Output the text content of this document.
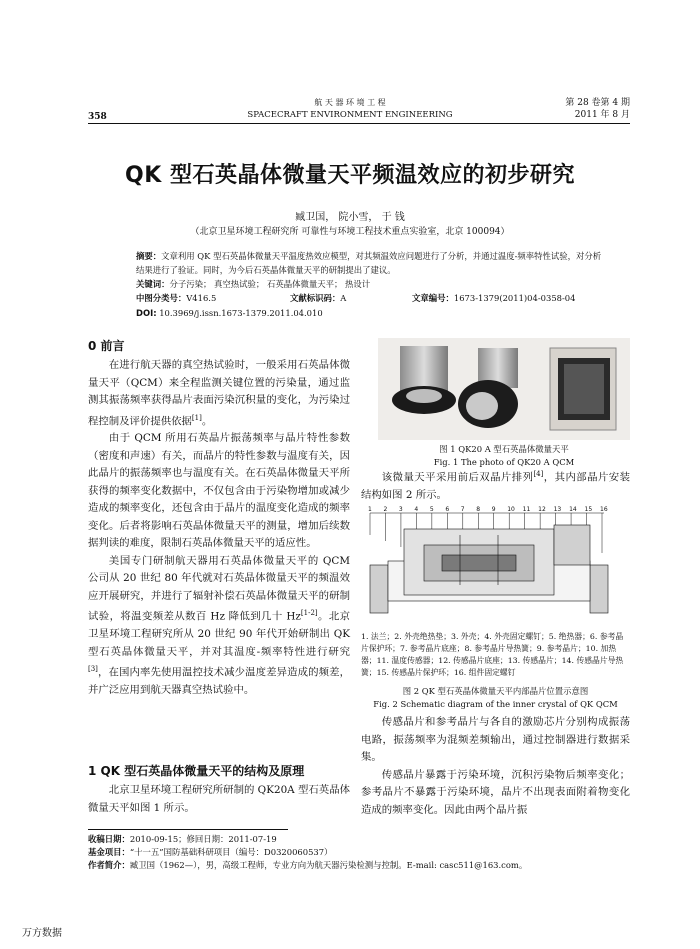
航 天 器 环 境 工 程
SPACECRAFT ENVIRONMENT ENGINEERING
358
第 28 卷第 4 期
2011 年 8 月
QK 型石英晶体微量天平频温效应的初步研究
臧卫国， 院小雪， 于 钱
（北京卫星环境工程研究所 可靠性与环境工程技术重点实验室，北京 100094）
摘要：文章利用 QK 型石英晶体微量天平温度热效应模型，对其频温效应问题进行了分析，并通过温度-频率特性试验，对分析结果进行了验证。同时，为今后石英晶体微量天平的研制提出了建议。
关键词：分子污染； 真空热试验； 石英晶体微量天平； 热设计
中图分类号：V416.5	文献标识码：A	文章编号：1673-1379(2011)04-0358-04
DOI: 10.3969/j.issn.1673-1379.2011.04.010
0 前言

在进行航天器的真空热试验时，一般采用石英晶体微量天平（QCM）来全程监测关键位置的污染量，通过监测其振荡频率获得晶片表面污染沉积量的变化，为污染过程控制及评价提供依据[1]。

由于 QCM 所用石英晶片振荡频率与晶片特性参数（密度和声速）有关，而晶片的特性参数与温度有关，因此晶片的振荡频率也与温度有关。在石英晶体微量天平所获得的频率变化数据中，不仅包含由于污染物增加或减少造成的频率变化，还包含由于晶片的温度变化造成的频率变化。后者将影响石英晶体微量天平的测量，增加后续数据判读的难度，限制石英晶体微量天平的适应性。

美国专门研制航天器用石英晶体微量天平的 QCM 公司从 20 世纪 80 年代就对石英晶体微量天平的频温效应开展研究，并进行了辐射补偿石英晶体微量天平的研制试验，将温变频差从数百 Hz 降低到几十 Hz[1-2]。北京卫星环境工程研究所从 20 世纪 90 年代开始研制出 QK 型石英晶体微量天平，并对其温度-频率特性进行研究[3]，在国内率先使用温控技术减少温度差异造成的频差，并广泛应用到航天器真空热试验中。

1 QK 型石英晶体微量天平的结构及原理

北京卫星环境工程研究所研制的 QK20A 型石英晶体微量天平如图 1 所示。

图 1 QK20 A 型石英晶体微量天平
Fig. 1 The photo of QK20 A QCM

该微量天平采用前后双晶片排列[4]，其内部晶片安装结构如图 2 所示。

1 2 3 4 5 6 7 8 9 10 11 12 13 14 15 16
1. 法兰；2. 外壳绝热垫；3. 外壳；4. 外壳固定螺钉；5. 绝热器；6. 参考晶片保护环；7. 参考晶片底座；8. 参考晶片导热簧；9. 参考晶片；10. 加热器；11. 温度传感器；12. 传感晶片底座；13. 传感晶片；14. 传感晶片导热簧；15. 传感晶片保护环；16. 组件固定螺钉
图 2 QK 型石英晶体微量天平内部晶片位置示意图
Fig. 2 Schematic diagram of the inner crystal of QK QCM

传感晶片和参考晶片与各自的激励芯片分别构成振荡电路，振荡频率为混频差频输出，通过控制器进行数据采集。

传感晶片暴露于污染环境，沉积污染物后频率变化；参考晶片不暴露于污染环境，晶片不出现表面附着物变化造成的频率变化。因此由两个晶片振

收稿日期：2010-09-15；修回日期：2011-07-19
基金项目：“十一五”国防基础科研项目（编号：D0320060537）
作者简介：臧卫国（1962—），男，高级工程师，专业方向为航天器污染检测与控制。E-mail: casc511@163.com。
万方数据
